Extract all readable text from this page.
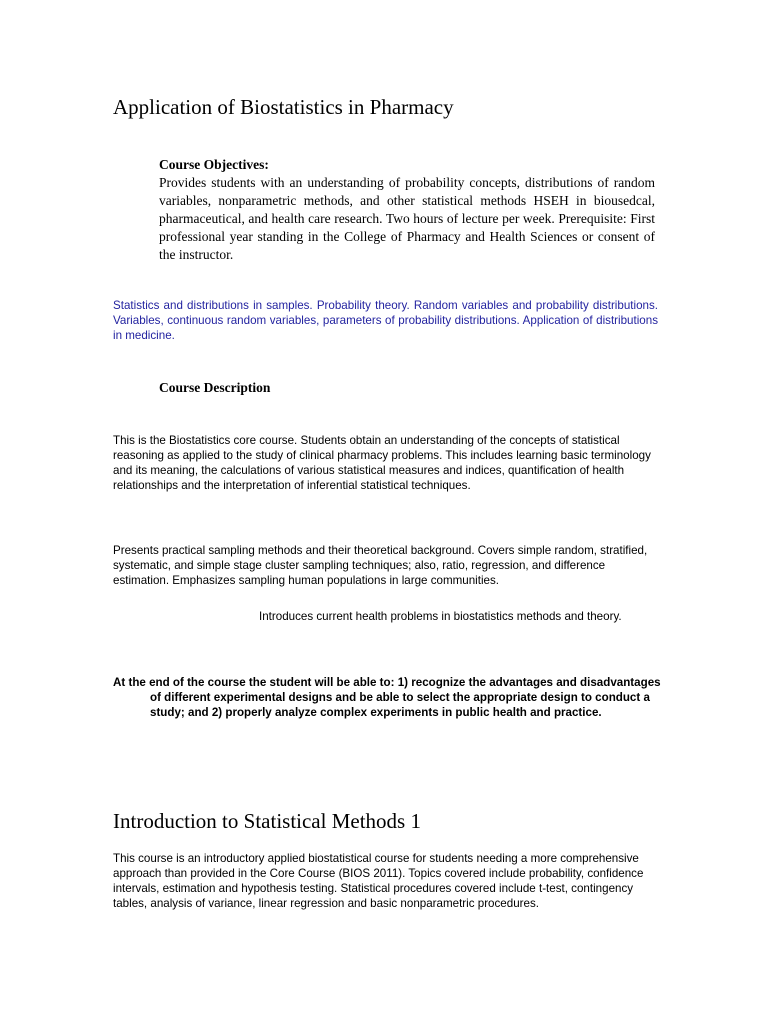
Application of Biostatistics in Pharmacy

Course Objectives:

Provides students with an understanding of probability concepts, distributions of random variables, nonparametric methods, and other statistical methods HSEH in biousedcal, pharmaceutical, and health care research. Two hours of lecture per week. Prerequisite: First professional year standing in the College of Pharmacy and Health Sciences or consent of the instructor.

Statistics and distributions in samples. Probability theory. Random variables and probability distributions. Variables, continuous random variables, parameters of probability distributions. Application of distributions in medicine.

Course Description

This is the Biostatistics core course. Students obtain an understanding of the concepts of statistical reasoning as applied to the study of clinical pharmacy problems. This includes learning basic terminology and its meaning, the calculations of various statistical measures and indices, quantification of health relationships and the interpretation of inferential statistical techniques.

Presents practical sampling methods and their theoretical background. Covers simple random, stratified, systematic, and simple stage cluster sampling techniques; also, ratio, regression, and difference estimation. Emphasizes sampling human populations in large communities.

Introduces current health problems in biostatistics methods and theory.

At the end of the course the student will be able to: 1) recognize the advantages and disadvantages of different experimental designs and be able to select the appropriate design to conduct a study; and 2) properly analyze complex experiments in public health and practice.

Introduction to Statistical Methods 1

This course is an introductory applied biostatistical course for students needing a more comprehensive approach than provided in the Core Course (BIOS 2011). Topics covered include probability, confidence intervals, estimation and hypothesis testing. Statistical procedures covered include t-test, contingency tables, analysis of variance, linear regression and basic nonparametric procedures.
